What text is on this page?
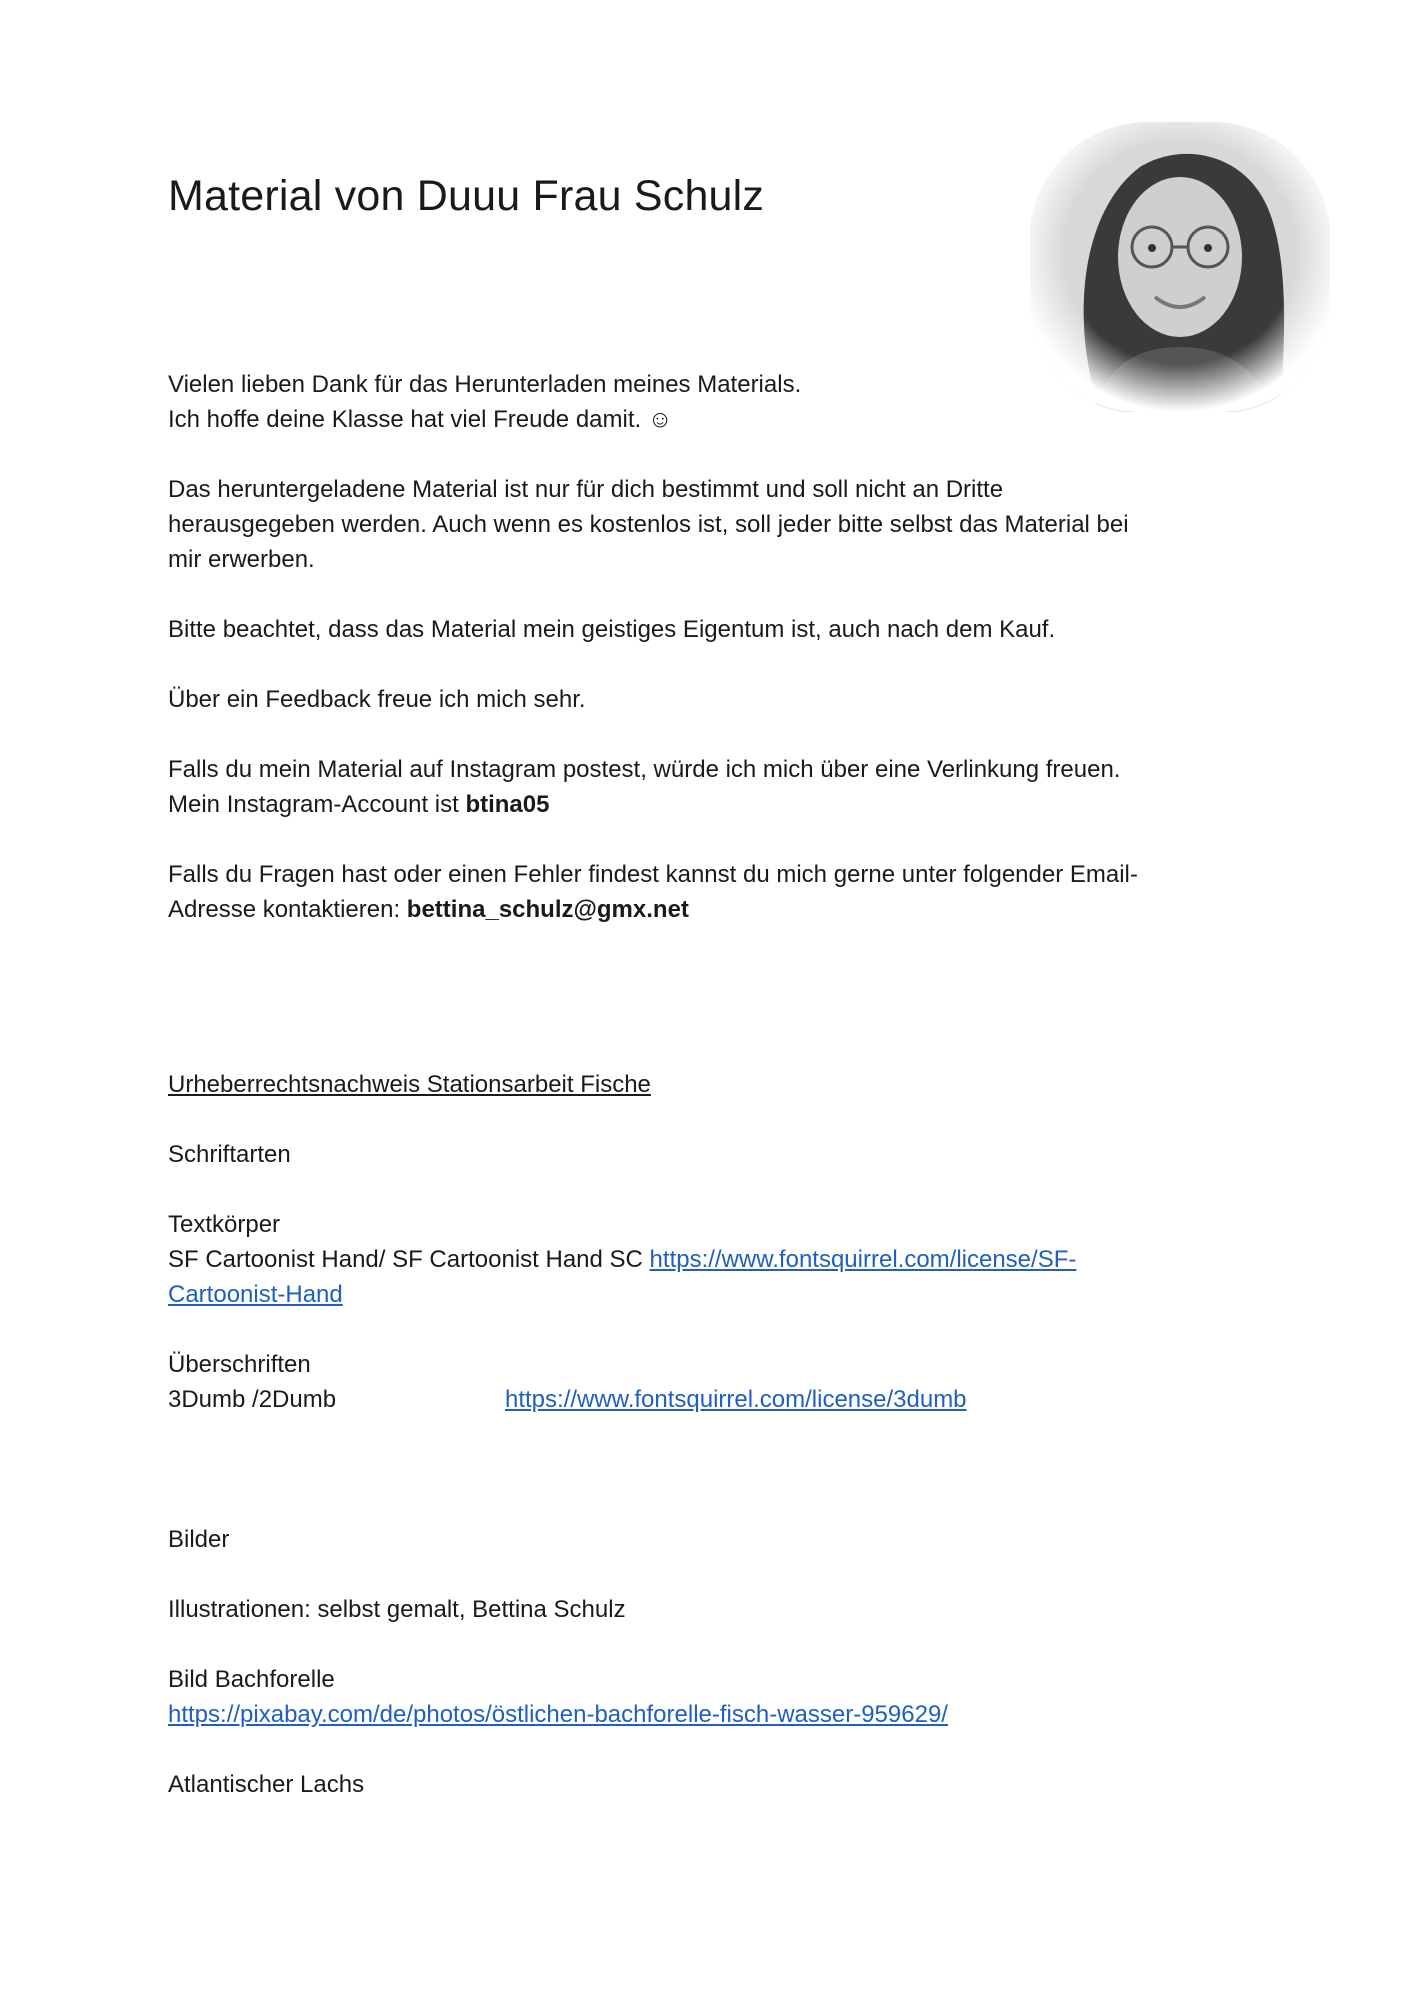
Material von Duuu Frau Schulz

Vielen lieben Dank für das Herunterladen meines Materials.
Ich hoffe deine Klasse hat viel Freude damit. ☺

Das heruntergeladene Material ist nur für dich bestimmt und soll nicht an Dritte
herausgegeben werden. Auch wenn es kostenlos ist, soll jeder bitte selbst das Material bei
mir erwerben.

Bitte beachtet, dass das Material mein geistiges Eigentum ist, auch nach dem Kauf.

Über ein Feedback freue ich mich sehr.

Falls du mein Material auf Instagram postest, würde ich mich über eine Verlinkung freuen.
Mein Instagram-Account ist btina05

Falls du Fragen hast oder einen Fehler findest kannst du mich gerne unter folgender Email-
Adresse kontaktieren: bettina_schulz@gmx.net

Urheberrechtsnachweis Stationsarbeit Fische

Schriftarten

Textkörper
SF Cartoonist Hand/ SF Cartoonist Hand SC https://www.fontsquirrel.com/license/SF-
Cartoonist-Hand

Überschriften
3Dumb /2Dumb	https://www.fontsquirrel.com/license/3dumb

Bilder

Illustrationen: selbst gemalt, Bettina Schulz

Bild Bachforelle
https://pixabay.com/de/photos/östlichen-bachforelle-fisch-wasser-959629/

Atlantischer Lachs
